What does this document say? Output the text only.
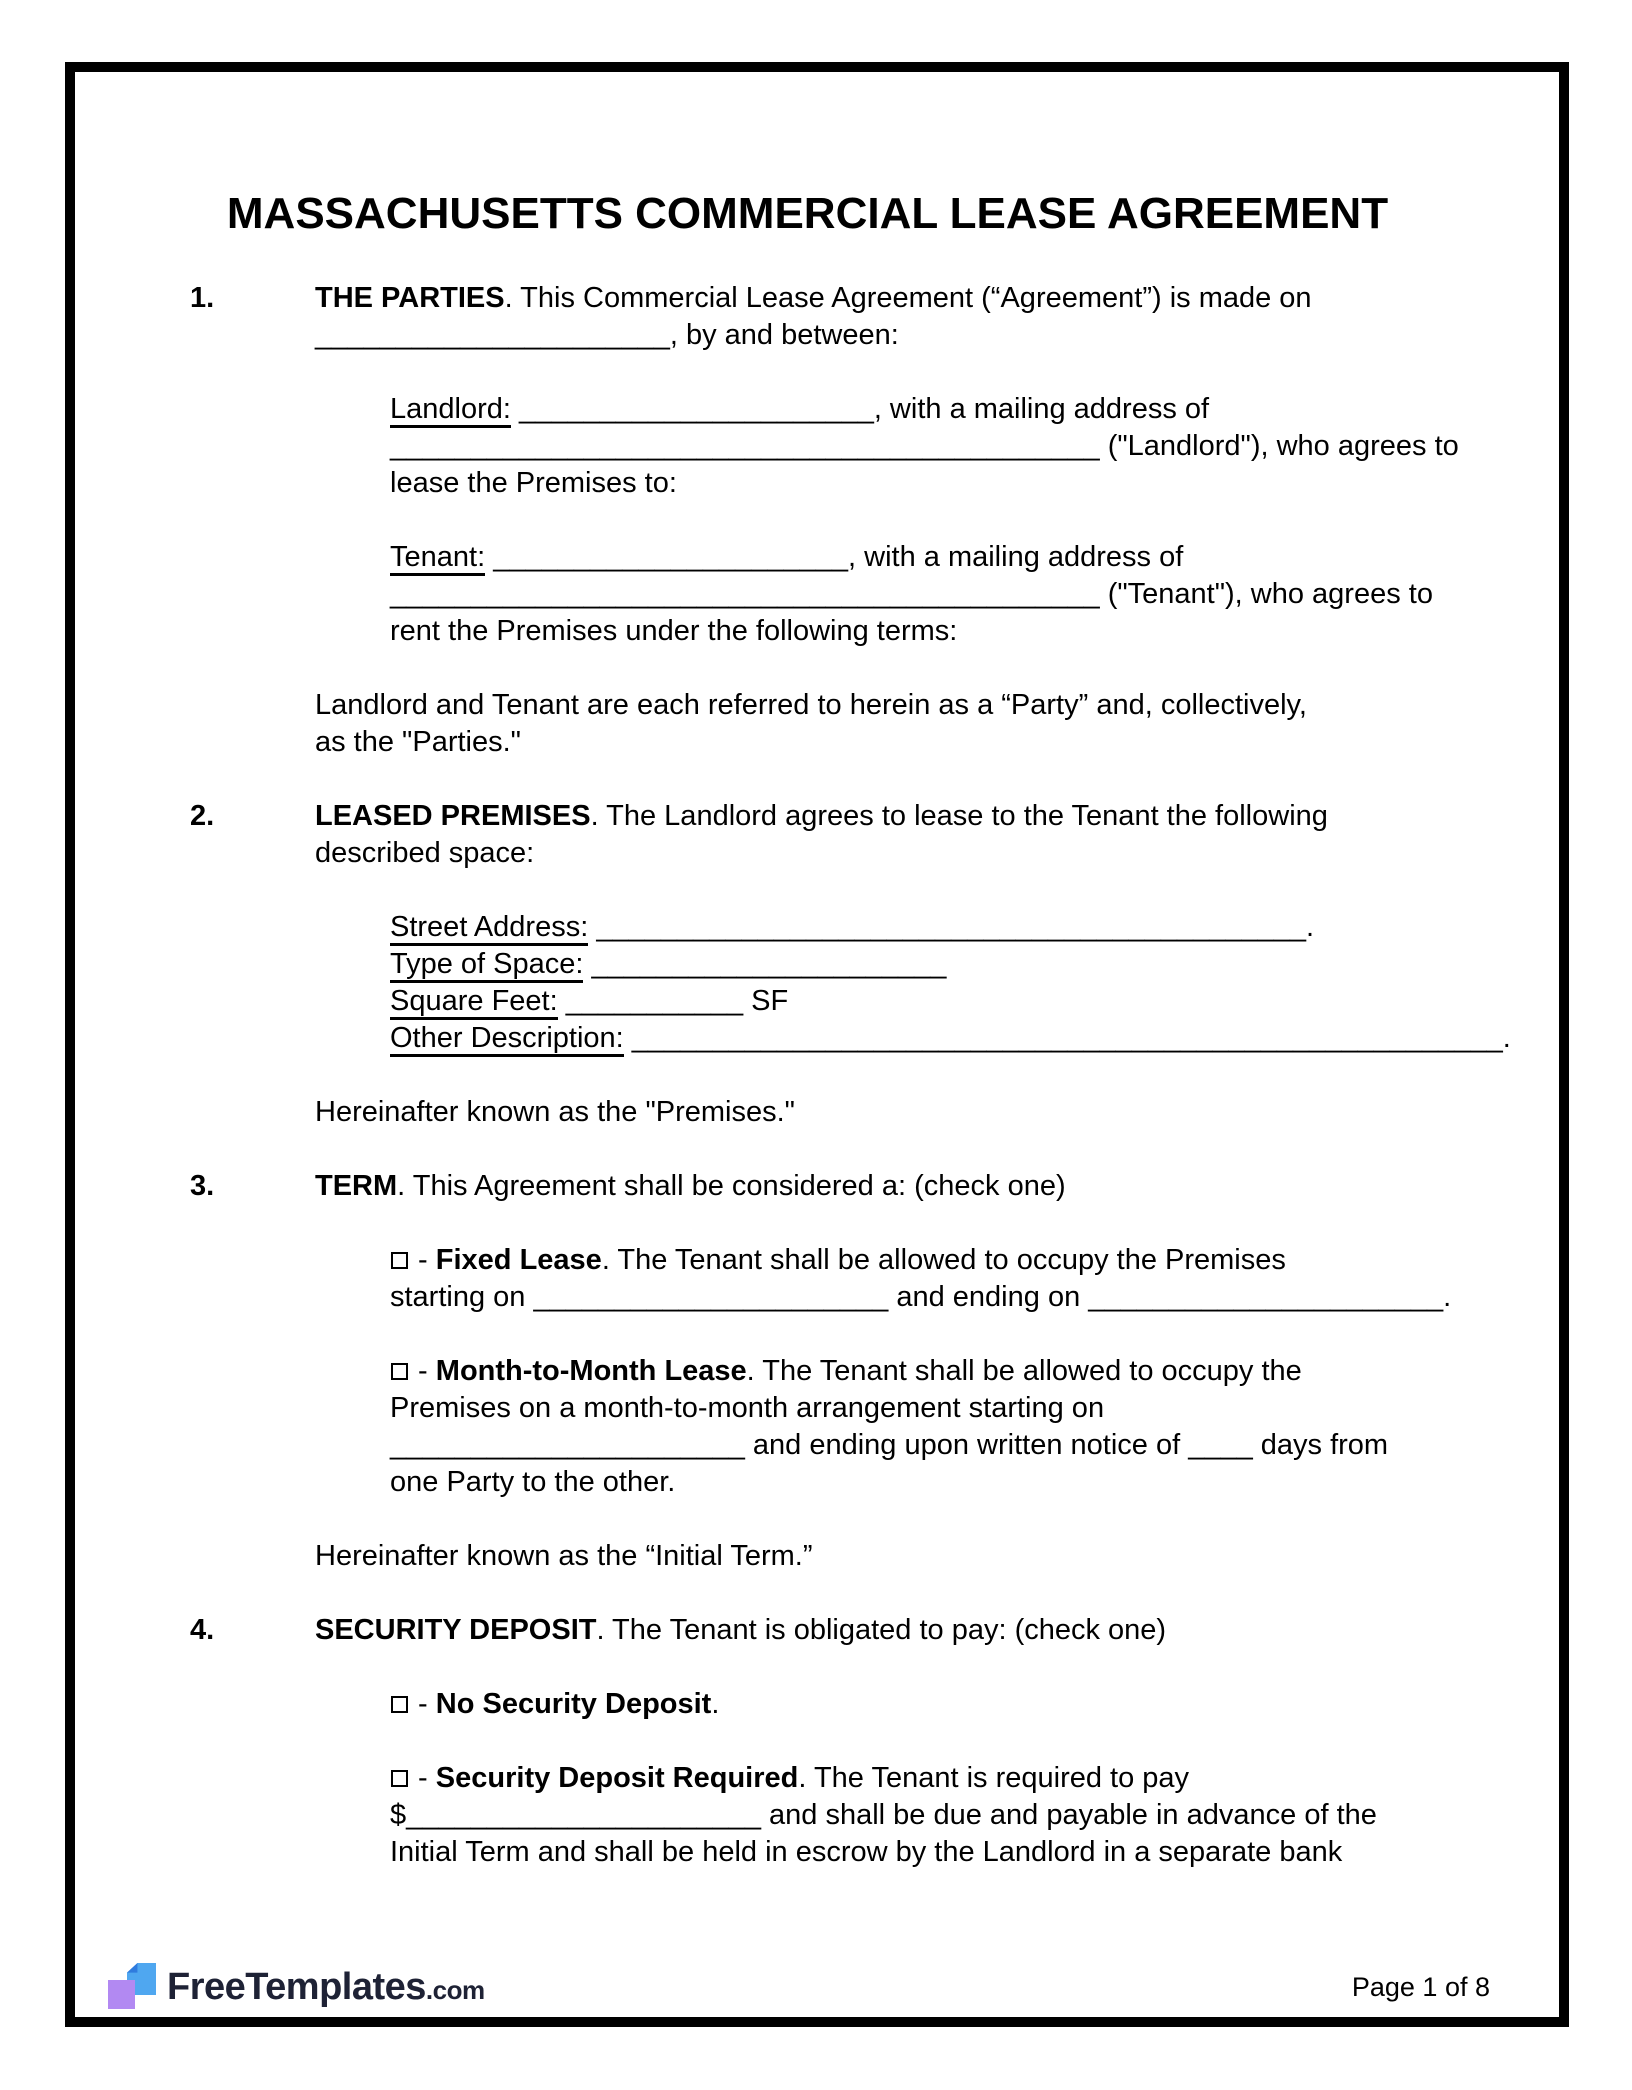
MASSACHUSETTS COMMERCIAL LEASE AGREEMENT
1.	THE PARTIES. This Commercial Lease Agreement (“Agreement”) is made on
______________________, by and between:
Landlord: ______________________, with a mailing address of
____________________________________________ ("Landlord"), who agrees to
lease the Premises to:
Tenant: ______________________, with a mailing address of
____________________________________________ ("Tenant"), who agrees to
rent the Premises under the following terms:
Landlord and Tenant are each referred to herein as a “Party” and, collectively,
as the "Parties."
2.	LEASED PREMISES. The Landlord agrees to lease to the Tenant the following
described space:
Street Address: ____________________________________________.
Type of Space: ______________________
Square Feet: ___________ SF
Other Description: ______________________________________________________.
Hereinafter known as the "Premises."
3.	TERM. This Agreement shall be considered a: (check one)
- Fixed Lease. The Tenant shall be allowed to occupy the Premises
starting on ______________________ and ending on ______________________.
- Month-to-Month Lease. The Tenant shall be allowed to occupy the
Premises on a month-to-month arrangement starting on
______________________ and ending upon written notice of ____ days from
one Party to the other.
Hereinafter known as the “Initial Term.”
4.	SECURITY DEPOSIT. The Tenant is obligated to pay: (check one)
- No Security Deposit.
- Security Deposit Required. The Tenant is required to pay
$______________________ and shall be due and payable in advance of the
Initial Term and shall be held in escrow by the Landlord in a separate bank
FreeTemplates .com	Page 1 of 8
